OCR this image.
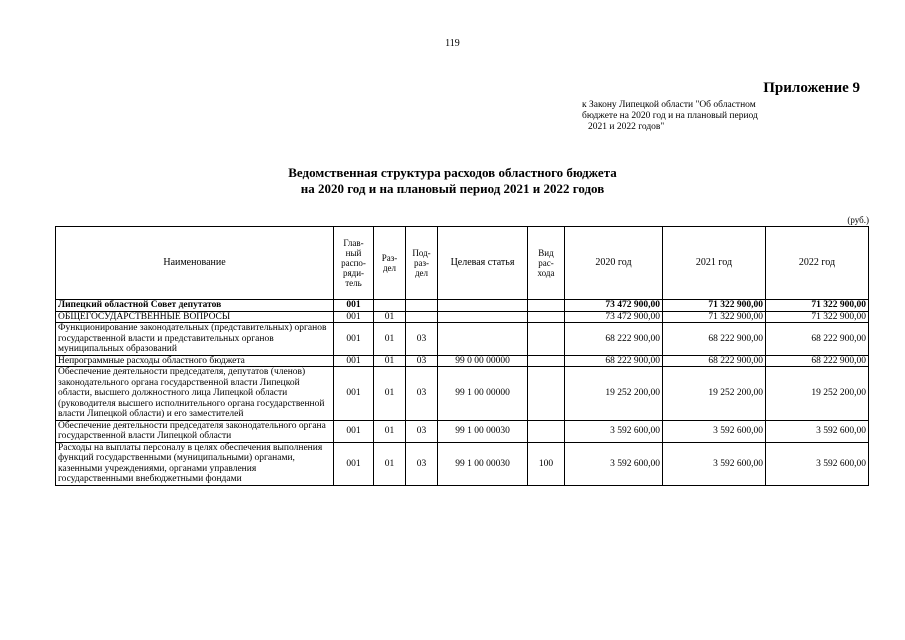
119
Приложение 9
к Закону Липецкой области "Об областном
бюджете на 2020 год и на плановый период
2021 и 2022 годов"
Ведомственная структура расходов областного бюджета
на 2020 год и на плановый период 2021 и 2022 годов
(руб.)
Наименование	Глав-
ный
распо-
ряди-
тель	Раз-
дел	Под-
раз-
дел	Целевая статья	Вид
рас-
хода	2020 год	2021 год	2022 год
Липецкий областной Совет депутатов	001					73 472 900,00	71 322 900,00	71 322 900,00
ОБЩЕГОСУДАРСТВЕННЫЕ ВОПРОСЫ	001	01				73 472 900,00	71 322 900,00	71 322 900,00
Функционирование законодательных (представительных) органов государственной власти и представительных органов муниципальных образований	001	01	03			68 222 900,00	68 222 900,00	68 222 900,00
Непрограммные расходы областного бюджета	001	01	03	99 0 00 00000		68 222 900,00	68 222 900,00	68 222 900,00
Обеспечение деятельности председателя, депутатов (членов) законодательного органа государственной власти Липецкой области, высшего должностного лица Липецкой области (руководителя высшего исполнительного органа государственной власти Липецкой области) и его заместителей	001	01	03	99 1 00 00000		19 252 200,00	19 252 200,00	19 252 200,00
Обеспечение деятельности председателя законодательного органа государственной власти Липецкой области	001	01	03	99 1 00 00030		3 592 600,00	3 592 600,00	3 592 600,00
Расходы на выплаты персоналу в целях обеспечения выполнения функций государственными (муниципальными) органами, казенными учреждениями, органами управления государственными внебюджетными фондами	001	01	03	99 1 00 00030	100	3 592 600,00	3 592 600,00	3 592 600,00
